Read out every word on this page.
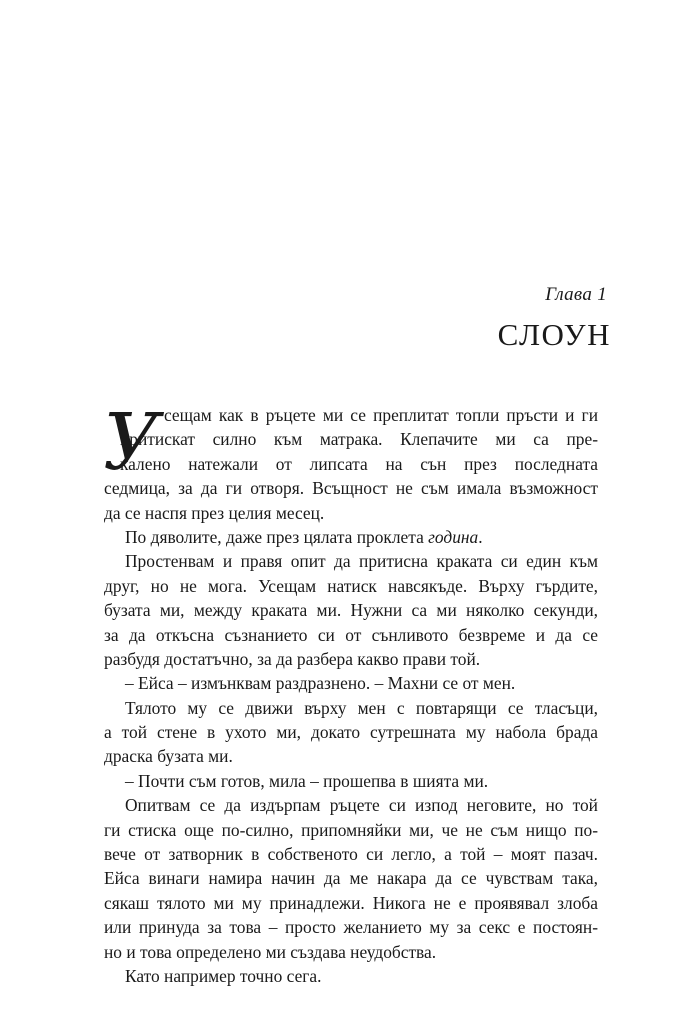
Глава 1
СЛОУН
У сещам как в ръцете ми се преплитат топли пръсти и ги
притискат силно към матрака. Клепачите ми са пре-
калено натежали от липсата на сън през последната
седмица, за да ги отворя. Всъщност не съм имала възможност
да се наспя през целия месец.
По дяволите, даже през цялата проклета година.
Простенвам и правя опит да притисна краката си един към
друг, но не мога. Усещам натиск навсякъде. Върху гърдите,
бузата ми, между краката ми. Нужни са ми няколко секунди,
за да откъсна съзнанието си от сънливото безвреме и да се
разбудя достатъчно, за да разбера какво прави той.
– Ейса – измънквам раздразнено. – Махни се от мен.
Тялото му се движи върху мен с повтарящи се тласъци,
а той стене в ухото ми, докато сутрешната му набола брада
драска бузата ми.
– Почти съм готов, мила – прошепва в шията ми.
Опитвам се да издърпам ръцете си изпод неговите, но той
ги стиска още по-силно, припомняйки ми, че не съм нищо по-
вече от затворник в собственото си легло, а той – моят пазач.
Ейса винаги намира начин да ме накара да се чувствам така,
сякаш тялото ми му принадлежи. Никога не е проявявал злоба
или принуда за това – просто желанието му за секс е постоян-
но и това определено ми създава неудобства.
Като например точно сега.
